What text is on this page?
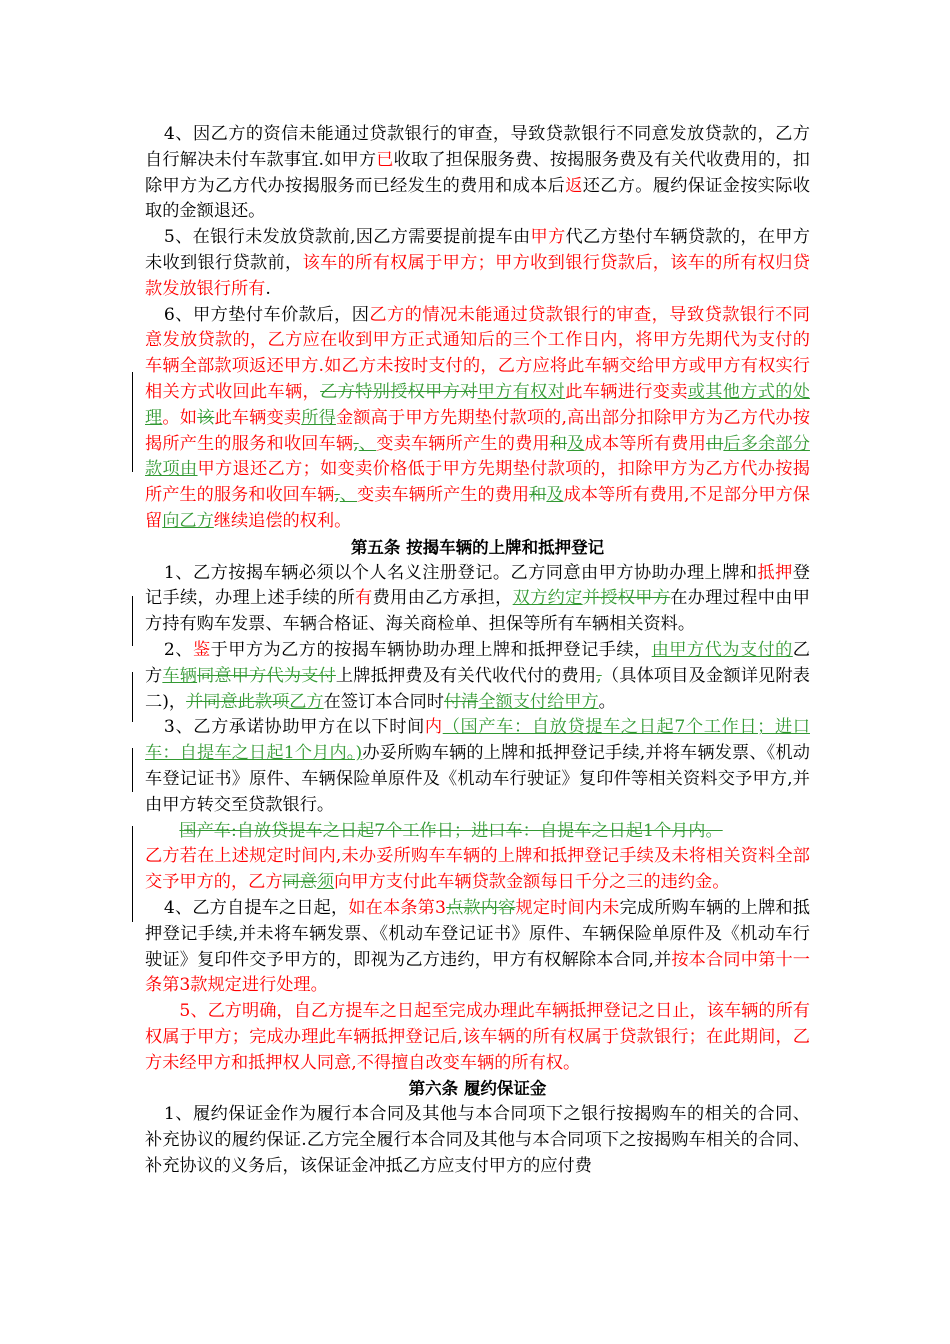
4、因乙方的资信未能通过贷款银行的审查，导致贷款银行不同意发放贷款的，乙方自行解决未付车款事宜.如甲方已收取了担保服务费、按揭服务费及有关代收费用的，扣除甲方为乙方代办按揭服务而已经发生的费用和成本后返还乙方。履约保证金按实际收取的金额退还。

5、在银行未发放贷款前,因乙方需要提前提车由甲方代乙方垫付车辆贷款的，在甲方未收到银行贷款前，该车的所有权属于甲方；甲方收到银行贷款后，该车的所有权归贷款发放银行所有.

6、甲方垫付车价款后，因乙方的情况未能通过贷款银行的审查，导致贷款银行不同意发放贷款的，乙方应在收到甲方正式通知后的三个工作日内，将甲方先期代为支付的车辆全部款项返还甲方.如乙方未按时支付的，乙方应将此车辆交给甲方或甲方有权实行相关方式收回此车辆，乙方特别授权甲方对甲方有权对此车辆进行变卖或其他方式的处理。如该此车辆变卖所得金额高于甲方先期垫付款项的,高出部分扣除甲方为乙方代办按揭所产生的服务和收回车辆,、变卖车辆所产生的费用和及成本等所有费用由后多余部分款项由甲方退还乙方；如变卖价格低于甲方先期垫付款项的，扣除甲方为乙方代办按揭所产生的服务和收回车辆,、变卖车辆所产生的费用和及成本等所有费用,不足部分甲方保留向乙方继续追偿的权利。

第五条 按揭车辆的上牌和抵押登记

1、乙方按揭车辆必须以个人名义注册登记。乙方同意由甲方协助办理上牌和抵押登记手续，办理上述手续的所有费用由乙方承担，双方约定并授权甲方在办理过程中由甲方持有购车发票、车辆合格证、海关商检单、担保等所有车辆相关资料。

2、鉴于甲方为乙方的按揭车辆协助办理上牌和抵押登记手续，由甲方代为支付的乙方车辆同意甲方代为支付上牌抵押费及有关代收代付的费用,（具体项目及金额详见附表二)，并同意此款项乙方在签订本合同时付清全额支付给甲方。

3、乙方承诺协助甲方在以下时间内（国产车：自放贷提车之日起7个工作日；进口车：自提车之日起1个月内。)办妥所购车辆的上牌和抵押登记手续,并将车辆发票、《机动车登记证书》原件、车辆保险单原件及《机动车行驶证》复印件等相关资料交予甲方,并由甲方转交至贷款银行。

国产车:自放贷提车之日起7个工作日；进口车：自提车之日起1个月内。

乙方若在上述规定时间内,未办妥所购车车辆的上牌和抵押登记手续及未将相关资料全部交予甲方的，乙方同意须向甲方支付此车辆贷款金额每日千分之三的违约金。

4、乙方自提车之日起，如在本条第3点款内容规定时间内未完成所购车辆的上牌和抵押登记手续,并未将车辆发票、《机动车登记证书》原件、车辆保险单原件及《机动车行驶证》复印件交予甲方的，即视为乙方违约，甲方有权解除本合同,并按本合同中第十一条第3款规定进行处理。

5、乙方明确，自乙方提车之日起至完成办理此车辆抵押登记之日止，该车辆的所有权属于甲方；完成办理此车辆抵押登记后,该车辆的所有权属于贷款银行；在此期间，乙方未经甲方和抵押权人同意,不得擅自改变车辆的所有权。

第六条 履约保证金

1、履约保证金作为履行本合同及其他与本合同项下之银行按揭购车的相关的合同、补充协议的履约保证.乙方完全履行本合同及其他与本合同项下之按揭购车相关的合同、补充协议的义务后，该保证金冲抵乙方应支付甲方的应付费
